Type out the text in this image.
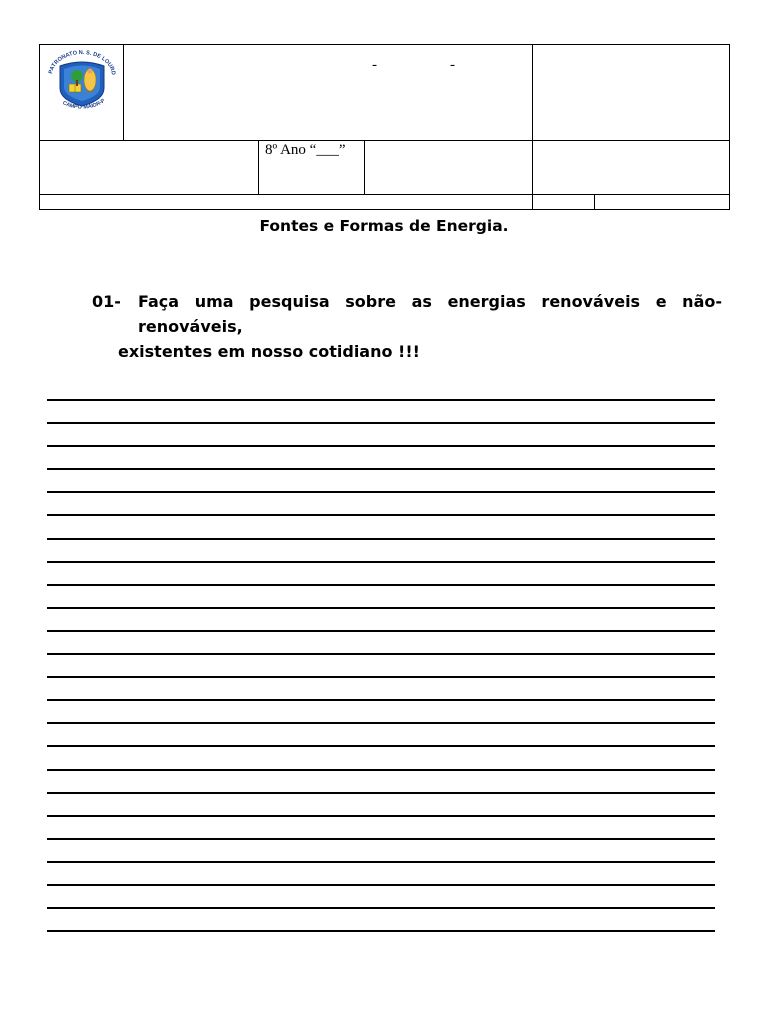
PATRONATO N. S. DE LOURD
CAMPO MAIOR-P	- -				

		8º Ano “___”			

Fontes e Formas de Energia.
01-	Faça uma pesquisa sobre as energias renováveis e não-renováveis,
existentes em nosso cotidiano !!!
